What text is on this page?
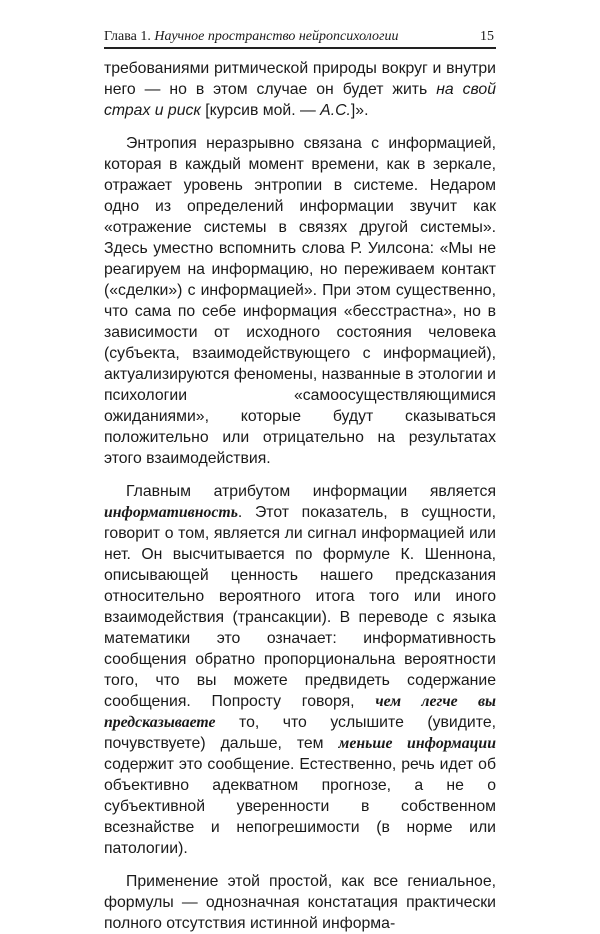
Глава 1. Научное пространство нейропсихологии	15

требованиями ритмической природы вокруг и внутри него — но в этом случае он будет жить на свой страх и риск [курсив мой. — А.С.]».

Энтропия неразрывно связана с информацией, которая в каждый момент времени, как в зеркале, отражает уровень энтропии в системе. Недаром одно из определений информации звучит как «отражение системы в связях другой системы». Здесь уместно вспомнить слова Р. Уилсона: «Мы не реагируем на информацию, но переживаем контакт («сделки») с информацией». При этом существенно, что сама по себе информация «бесстрастна», но в зависимости от исходного состояния человека (субъекта, взаимодействующего с информацией), актуализируются феномены, названные в этологии и психологии «самоосуществляющимися ожиданиями», которые будут сказываться положительно или отрицательно на результатах этого взаимодействия.

Главным атрибутом информации является информативность. Этот показатель, в сущности, говорит о том, является ли сигнал информацией или нет. Он высчитывается по формуле К. Шеннона, описывающей ценность нашего предсказания относительно вероятного итога того или иного взаимодействия (трансакции). В переводе с языка математики это означает: информативность сообщения обратно пропорциональна вероятности того, что вы можете предвидеть содержание сообщения. Попросту говоря, чем легче вы предсказываете то, что услышите (увидите, почувствуете) дальше, тем меньше информации содержит это сообщение. Естественно, речь идет об объективно адекватном прогнозе, а не о субъективной уверенности в собственном всезнайстве и непогрешимости (в норме или патологии).

Применение этой простой, как все гениальное, формулы — однозначная констатация практически полного отсутствия истинной информа-
